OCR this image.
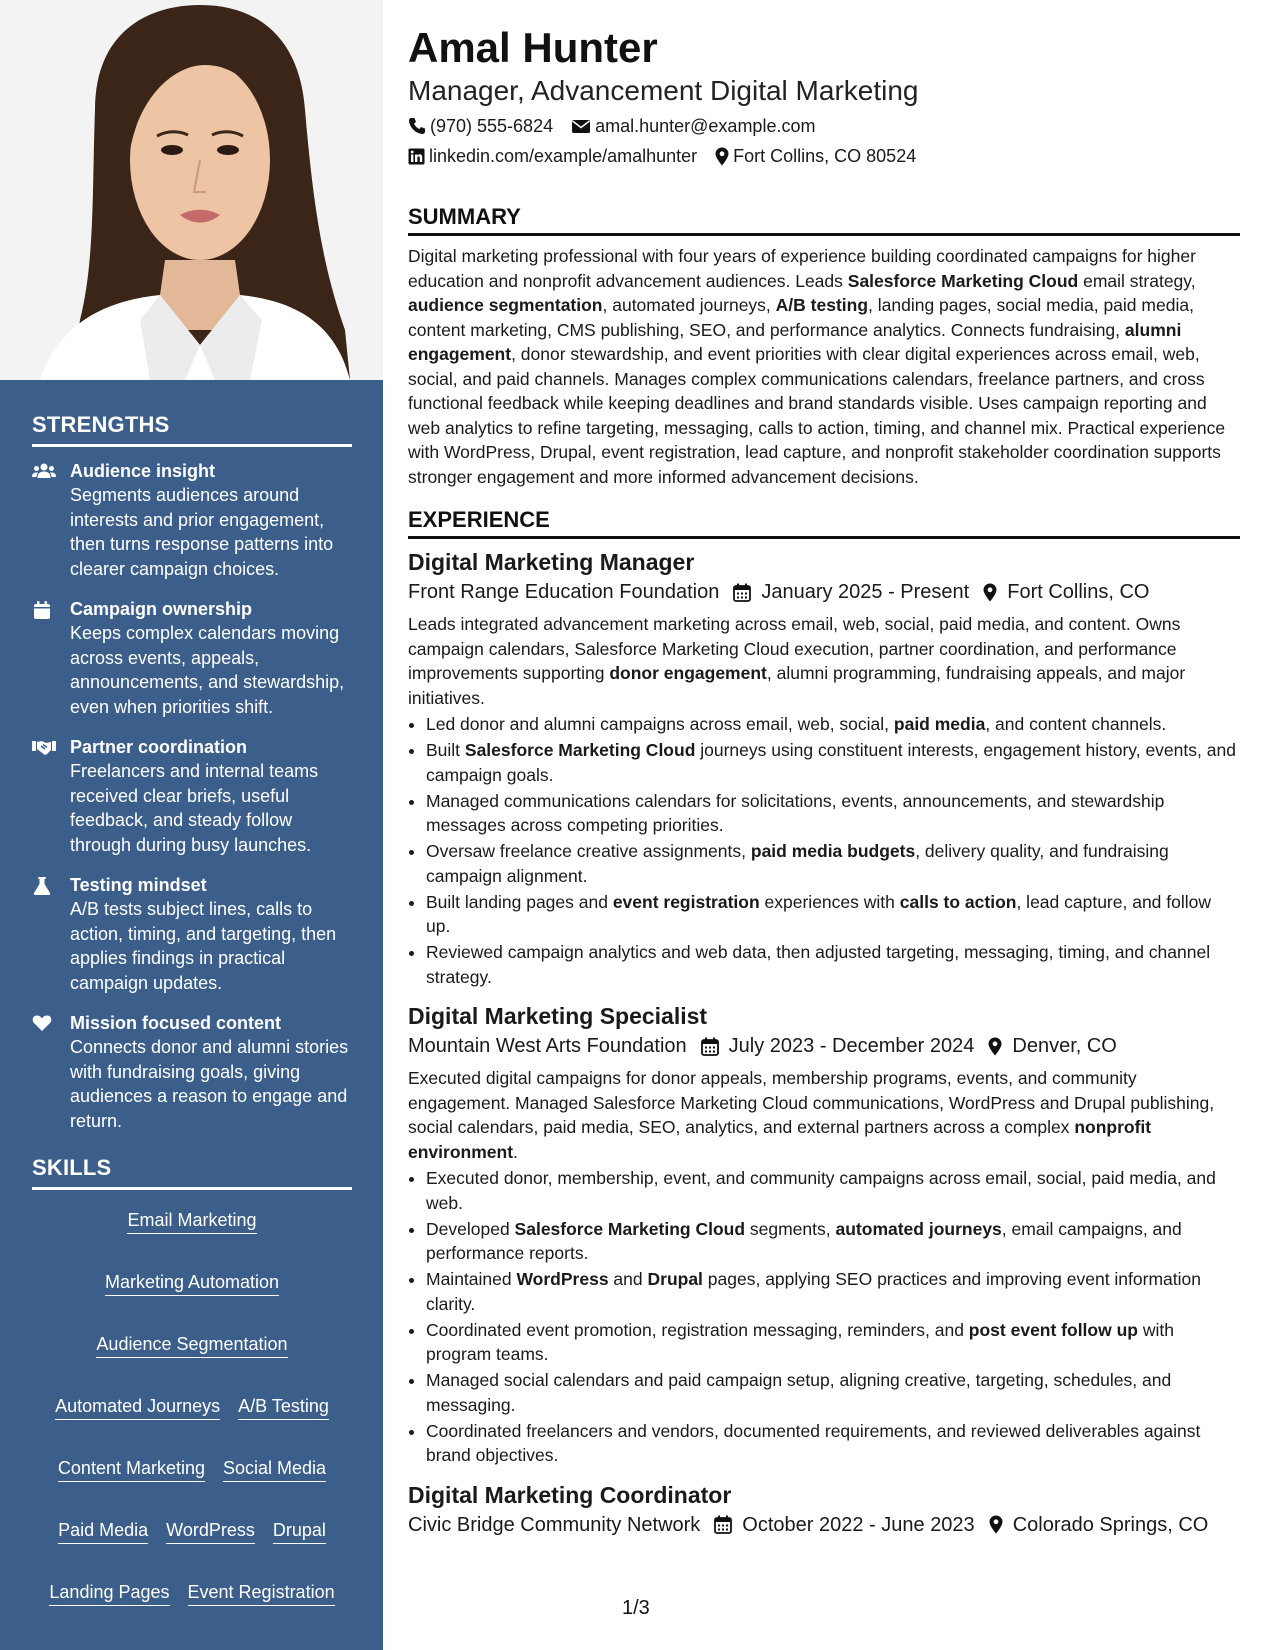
STRENGTHS
Audience insight
Segments audiences around interests and prior engagement, then turns response patterns into clearer campaign choices.
Campaign ownership
Keeps complex calendars moving across events, appeals, announcements, and stewardship, even when priorities shift.
Partner coordination
Freelancers and internal teams received clear briefs, useful feedback, and steady follow through during busy launches.
Testing mindset
A/B tests subject lines, calls to action, timing, and targeting, then applies findings in practical campaign updates.
Mission focused content
Connects donor and alumni stories with fundraising goals, giving audiences a reason to engage and return.
SKILLS
Email Marketing
Marketing Automation
Audience Segmentation
Automated Journeys A/B Testing
Content Marketing Social Media
Paid Media WordPress Drupal
Landing Pages Event Registration
Amal Hunter
Manager, Advancement Digital Marketing
(970) 555-6824 amal.hunter@example.com
linkedin.com/example/amalhunter Fort Collins, CO 80524
SUMMARY
Digital marketing professional with four years of experience building coordinated campaigns for higher education and nonprofit advancement audiences. Leads Salesforce Marketing Cloud email strategy, audience segmentation, automated journeys, A/B testing, landing pages, social media, paid media, content marketing, CMS publishing, SEO, and performance analytics. Connects fundraising, alumni engagement, donor stewardship, and event priorities with clear digital experiences across email, web, social, and paid channels. Manages complex communications calendars, freelance partners, and cross functional feedback while keeping deadlines and brand standards visible. Uses campaign reporting and web analytics to refine targeting, messaging, calls to action, timing, and channel mix. Practical experience with WordPress, Drupal, event registration, lead capture, and nonprofit stakeholder coordination supports stronger engagement and more informed advancement decisions.
EXPERIENCE
Digital Marketing Manager
Front Range Education Foundation January 2025 - Present Fort Collins, CO
Leads integrated advancement marketing across email, web, social, paid media, and content. Owns campaign calendars, Salesforce Marketing Cloud execution, partner coordination, and performance improvements supporting donor engagement, alumni programming, fundraising appeals, and major initiatives.
• Led donor and alumni campaigns across email, web, social, paid media, and content channels.
• Built Salesforce Marketing Cloud journeys using constituent interests, engagement history, events, and campaign goals.
• Managed communications calendars for solicitations, events, announcements, and stewardship messages across competing priorities.
• Oversaw freelance creative assignments, paid media budgets, delivery quality, and fundraising campaign alignment.
• Built landing pages and event registration experiences with calls to action, lead capture, and follow up.
• Reviewed campaign analytics and web data, then adjusted targeting, messaging, timing, and channel strategy.
Digital Marketing Specialist
Mountain West Arts Foundation July 2023 - December 2024 Denver, CO
Executed digital campaigns for donor appeals, membership programs, events, and community engagement. Managed Salesforce Marketing Cloud communications, WordPress and Drupal publishing, social calendars, paid media, SEO, analytics, and external partners across a complex nonprofit environment.
• Executed donor, membership, event, and community campaigns across email, social, paid media, and web.
• Developed Salesforce Marketing Cloud segments, automated journeys, email campaigns, and performance reports.
• Maintained WordPress and Drupal pages, applying SEO practices and improving event information clarity.
• Coordinated event promotion, registration messaging, reminders, and post event follow up with program teams.
• Managed social calendars and paid campaign setup, aligning creative, targeting, schedules, and messaging.
• Coordinated freelancers and vendors, documented requirements, and reviewed deliverables against brand objectives.
Digital Marketing Coordinator
Civic Bridge Community Network October 2022 - June 2023 Colorado Springs, CO
1/3
